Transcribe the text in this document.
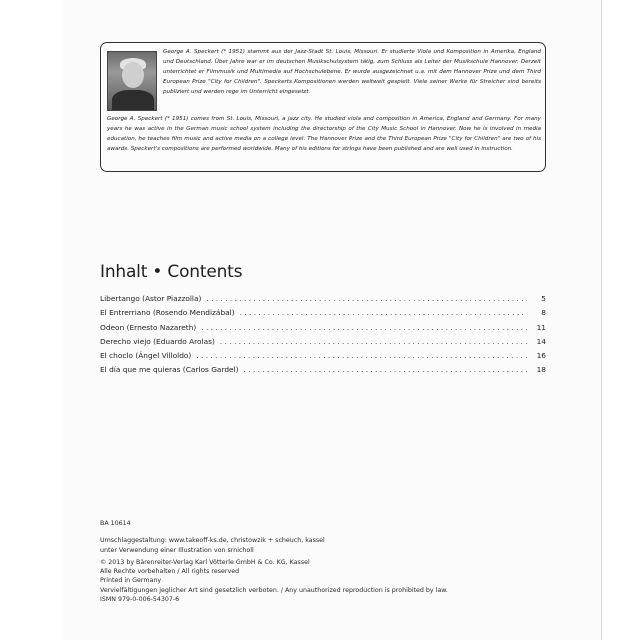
George A. Speckert (* 1951) stammt aus der Jazz-Stadt St. Louis, Missouri. Er studierte Viola und Komposition in Amerika, England und Deutschland. Über Jahre war er im deutschen Musikschulsystem tätig, zum Schluss als Leiter der Musikschule Hannover. Derzeit unterrichtet er Filmmusik und Multimedia auf Hochschulebene. Er wurde ausgezeichnet u.a. mit dem Hannover Prize und dem Third European Prize "City for Children". Speckerts Kompositionen werden weltweit gespielt. Viele seiner Werke für Streicher sind bereits publiziert und werden rege im Unterricht eingesetzt.
George A. Speckert (* 1951) comes from St. Louis, Missouri, a jazz city. He studied viola and composition in America, England and Germany. For many years he was active in the German music school system including the directorship of the City Music School in Hannover. Now he is involved in media education, he teaches film music and active media on a college level. The Hannover Prize and the Third European Prize "City for Children" are two of his awards. Speckert's compositions are performed worldwide. Many of his editions for strings have been published and are well used in instruction.
Inhalt • Contents
Libertango (Astor Piazzolla) . . .	5
El Entrerriano (Rosendo Mendizábal) . . .	8
Odeon (Ernesto Nazareth) . . .	11
Derecho viejo (Eduardo Arolas) . . .	14
El choclo (Ángel Villoldo) . . .	16
El día que me quieras (Carlos Gardel) . . .	18
BA 10614
Umschlaggestaltung: www.takeoff-ks.de, christowzik + scheuch, kassel
unter Verwendung einer Illustration von srnicholl
© 2013 by Bärenreiter-Verlag Karl Vötterle GmbH & Co. KG, Kassel
Alle Rechte vorbehalten / All rights reserved
Printed in Germany
Vervielfältigungen jeglicher Art sind gesetzlich verboten. / Any unauthorized reproduction is prohibited by law.
ISMN 979-0-006-54307-6
